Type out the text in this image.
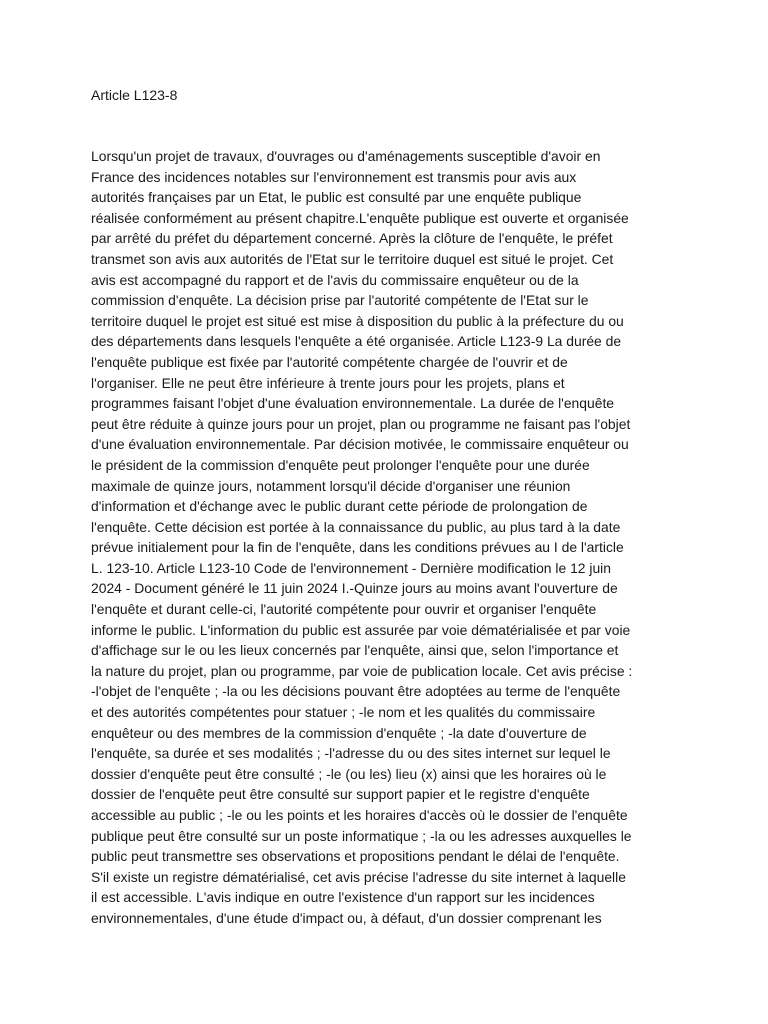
Article L123-8
Lorsqu'un projet de travaux, d'ouvrages ou d'aménagements susceptible d'avoir en
France des incidences notables sur l'environnement est transmis pour avis aux
autorités françaises par un Etat, le public est consulté par une enquête publique
réalisée conformément au présent chapitre.L'enquête publique est ouverte et organisée
par arrêté du préfet du département concerné. Après la clôture de l'enquête, le préfet
transmet son avis aux autorités de l'Etat sur le territoire duquel est situé le projet. Cet
avis est accompagné du rapport et de l'avis du commissaire enquêteur ou de la
commission d'enquête. La décision prise par l'autorité compétente de l'Etat sur le
territoire duquel le projet est situé est mise à disposition du public à la préfecture du ou
des départements dans lesquels l'enquête a été organisée. Article L123-9 La durée de
l'enquête publique est fixée par l'autorité compétente chargée de l'ouvrir et de
l'organiser. Elle ne peut être inférieure à trente jours pour les projets, plans et
programmes faisant l'objet d'une évaluation environnementale. La durée de l'enquête
peut être réduite à quinze jours pour un projet, plan ou programme ne faisant pas l'objet
d'une évaluation environnementale. Par décision motivée, le commissaire enquêteur ou
le président de la commission d'enquête peut prolonger l'enquête pour une durée
maximale de quinze jours, notamment lorsqu'il décide d'organiser une réunion
d'information et d'échange avec le public durant cette période de prolongation de
l'enquête. Cette décision est portée à la connaissance du public, au plus tard à la date
prévue initialement pour la fin de l'enquête, dans les conditions prévues au I de l'article
L. 123-10. Article L123-10 Code de l'environnement - Dernière modification le 12 juin
2024 - Document généré le 11 juin 2024 I.-Quinze jours au moins avant l'ouverture de
l'enquête et durant celle-ci, l'autorité compétente pour ouvrir et organiser l'enquête
informe le public. L'information du public est assurée par voie dématérialisée et par voie
d'affichage sur le ou les lieux concernés par l'enquête, ainsi que, selon l'importance et
la nature du projet, plan ou programme, par voie de publication locale. Cet avis précise :
-l'objet de l'enquête ; -la ou les décisions pouvant être adoptées au terme de l'enquête
et des autorités compétentes pour statuer ; -le nom et les qualités du commissaire
enquêteur ou des membres de la commission d'enquête ; -la date d'ouverture de
l'enquête, sa durée et ses modalités ; -l'adresse du ou des sites internet sur lequel le
dossier d'enquête peut être consulté ; -le (ou les) lieu (x) ainsi que les horaires où le
dossier de l'enquête peut être consulté sur support papier et le registre d'enquête
accessible au public ; -le ou les points et les horaires d'accès où le dossier de l'enquête
publique peut être consulté sur un poste informatique ; -la ou les adresses auxquelles le
public peut transmettre ses observations et propositions pendant le délai de l'enquête.
S'il existe un registre dématérialisé, cet avis précise l'adresse du site internet à laquelle
il est accessible. L'avis indique en outre l'existence d'un rapport sur les incidences
environnementales, d'une étude d'impact ou, à défaut, d'un dossier comprenant les
